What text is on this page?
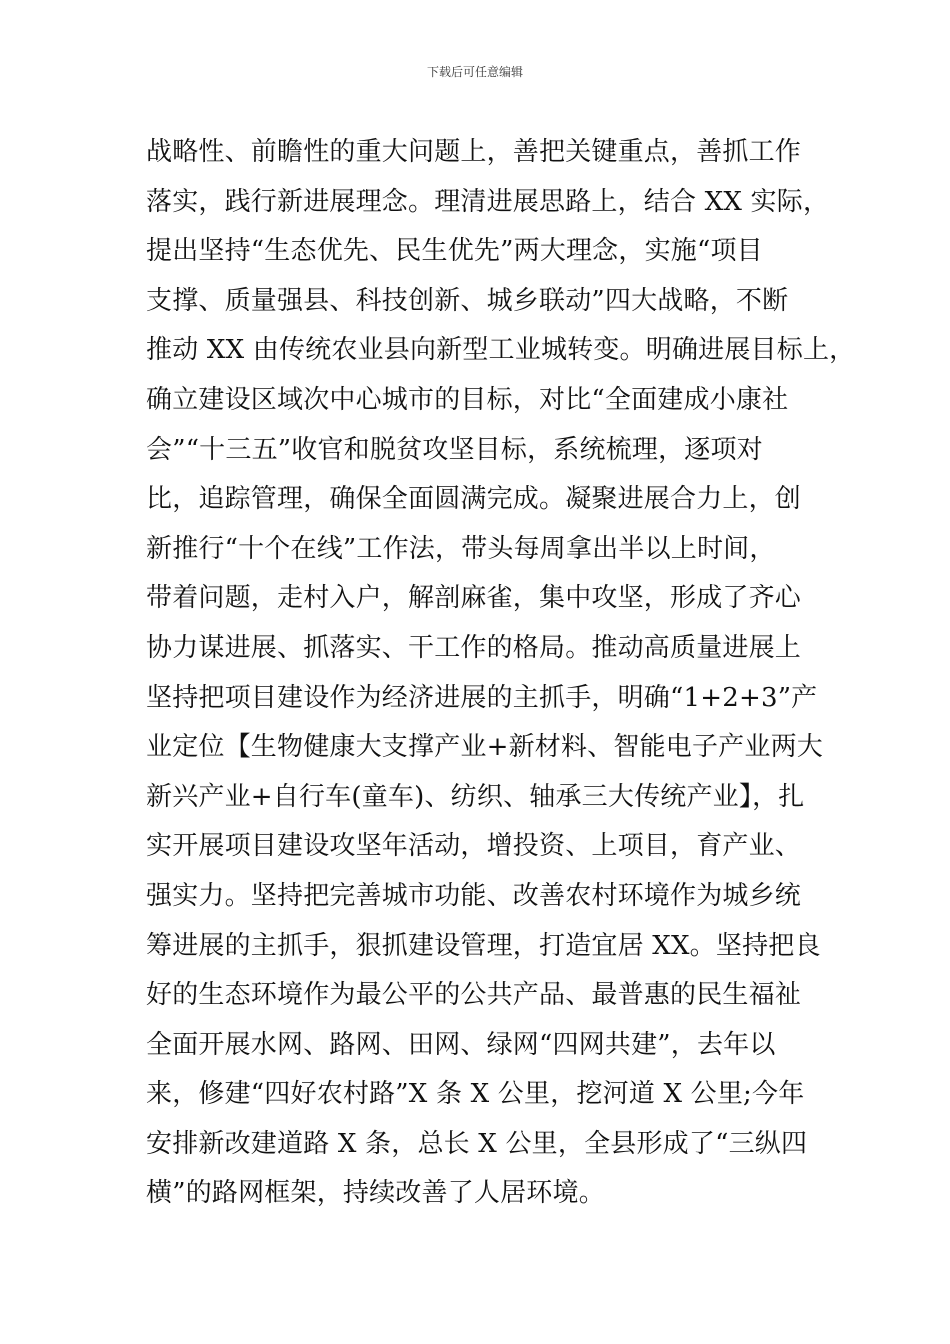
下载后可任意编辑
战略性、前瞻性的重大问题上，善把关键重点，善抓工作
落实，践行新进展理念。理清进展思路上，结合 XX 实际，
提出坚持“生态优先、民生优先”两大理念，实施“项目
支撑、质量强县、科技创新、城乡联动”四大战略，不断
推动 XX 由传统农业县向新型工业城转变。明确进展目标上，
确立建设区域次中心城市的目标，对比“全面建成小康社
会”“十三五”收官和脱贫攻坚目标，系统梳理，逐项对
比，追踪管理，确保全面圆满完成。凝聚进展合力上，创
新推行“十个在线”工作法，带头每周拿出半以上时间，
带着问题，走村入户，解剖麻雀，集中攻坚，形成了齐心
协力谋进展、抓落实、干工作的格局。推动高质量进展上
坚持把项目建设作为经济进展的主抓手，明确“1+2+3”产
业定位【生物健康大支撑产业+新材料、智能电子产业两大
新兴产业+自行车(童车)、纺织、轴承三大传统产业】，扎
实开展项目建设攻坚年活动，增投资、上项目，育产业、
强实力。坚持把完善城市功能、改善农村环境作为城乡统
筹进展的主抓手，狠抓建设管理，打造宜居 XX。坚持把良
好的生态环境作为最公平的公共产品、最普惠的民生福祉
全面开展水网、路网、田网、绿网“四网共建”，去年以
来，修建“四好农村路”X 条 X 公里，挖河道 X 公里;今年
安排新改建道路 X 条，总长 X 公里，全县形成了“三纵四
横”的路网框架，持续改善了人居环境。
